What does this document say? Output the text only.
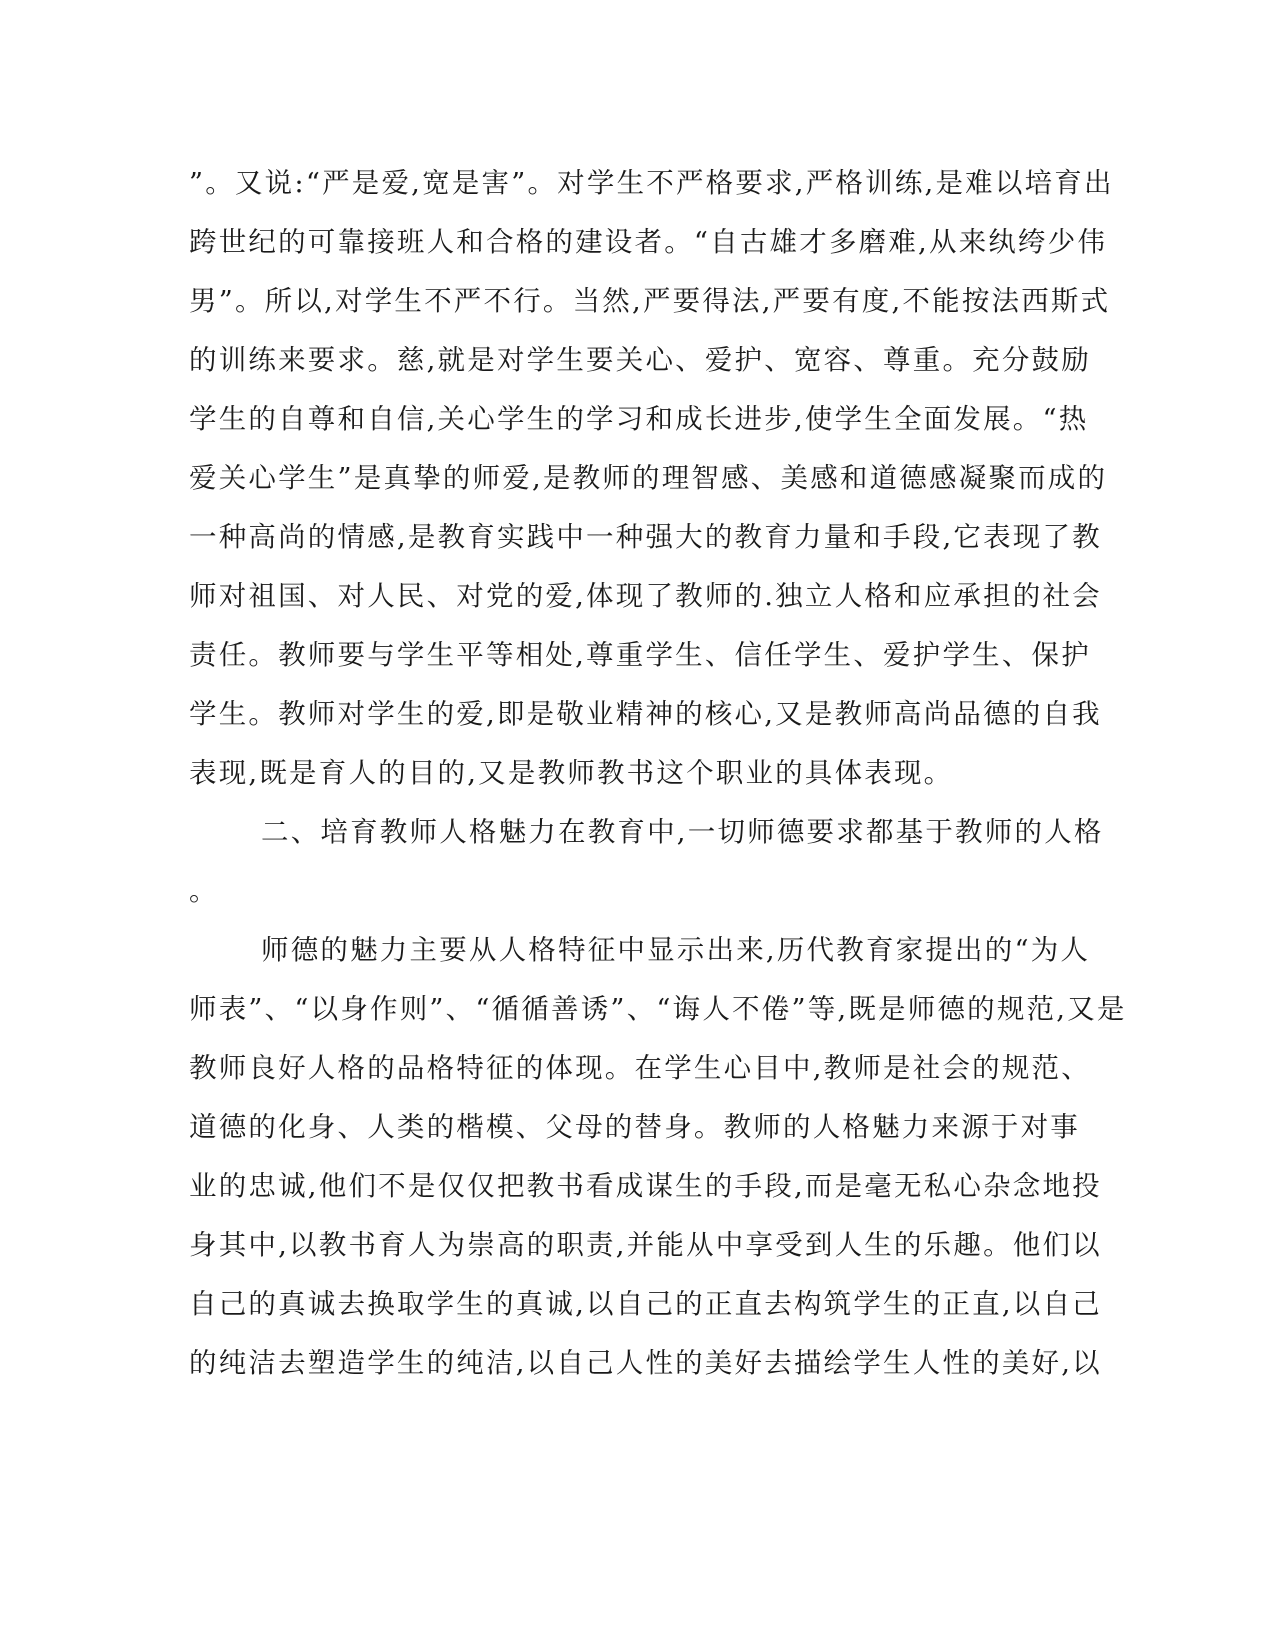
”。又说:“严是爱,宽是害”。对学生不严格要求,严格训练,是难以培育出
跨世纪的可靠接班人和合格的建设者。“自古雄才多磨难,从来纨绔少伟
男”。所以,对学生不严不行。当然,严要得法,严要有度,不能按法西斯式
的训练来要求。慈,就是对学生要关心、爱护、宽容、尊重。充分鼓励
学生的自尊和自信,关心学生的学习和成长进步,使学生全面发展。“热
爱关心学生”是真挚的师爱,是教师的理智感、美感和道德感凝聚而成的
一种高尚的情感,是教育实践中一种强大的教育力量和手段,它表现了教
师对祖国、对人民、对党的爱,体现了教师的.独立人格和应承担的社会
责任。教师要与学生平等相处,尊重学生、信任学生、爱护学生、保护
学生。教师对学生的爱,即是敬业精神的核心,又是教师高尚品德的自我
表现,既是育人的目的,又是教师教书这个职业的具体表现。
二、培育教师人格魅力在教育中,一切师德要求都基于教师的人格
。
师德的魅力主要从人格特征中显示出来,历代教育家提出的“为人
师表”、“以身作则”、“循循善诱”、“诲人不倦”等,既是师德的规范,又是
教师良好人格的品格特征的体现。在学生心目中,教师是社会的规范、
道德的化身、人类的楷模、父母的替身。教师的人格魅力来源于对事
业的忠诚,他们不是仅仅把教书看成谋生的手段,而是毫无私心杂念地投
身其中,以教书育人为崇高的职责,并能从中享受到人生的乐趣。他们以
自己的真诚去换取学生的真诚,以自己的正直去构筑学生的正直,以自己
的纯洁去塑造学生的纯洁,以自己人性的美好去描绘学生人性的美好,以
